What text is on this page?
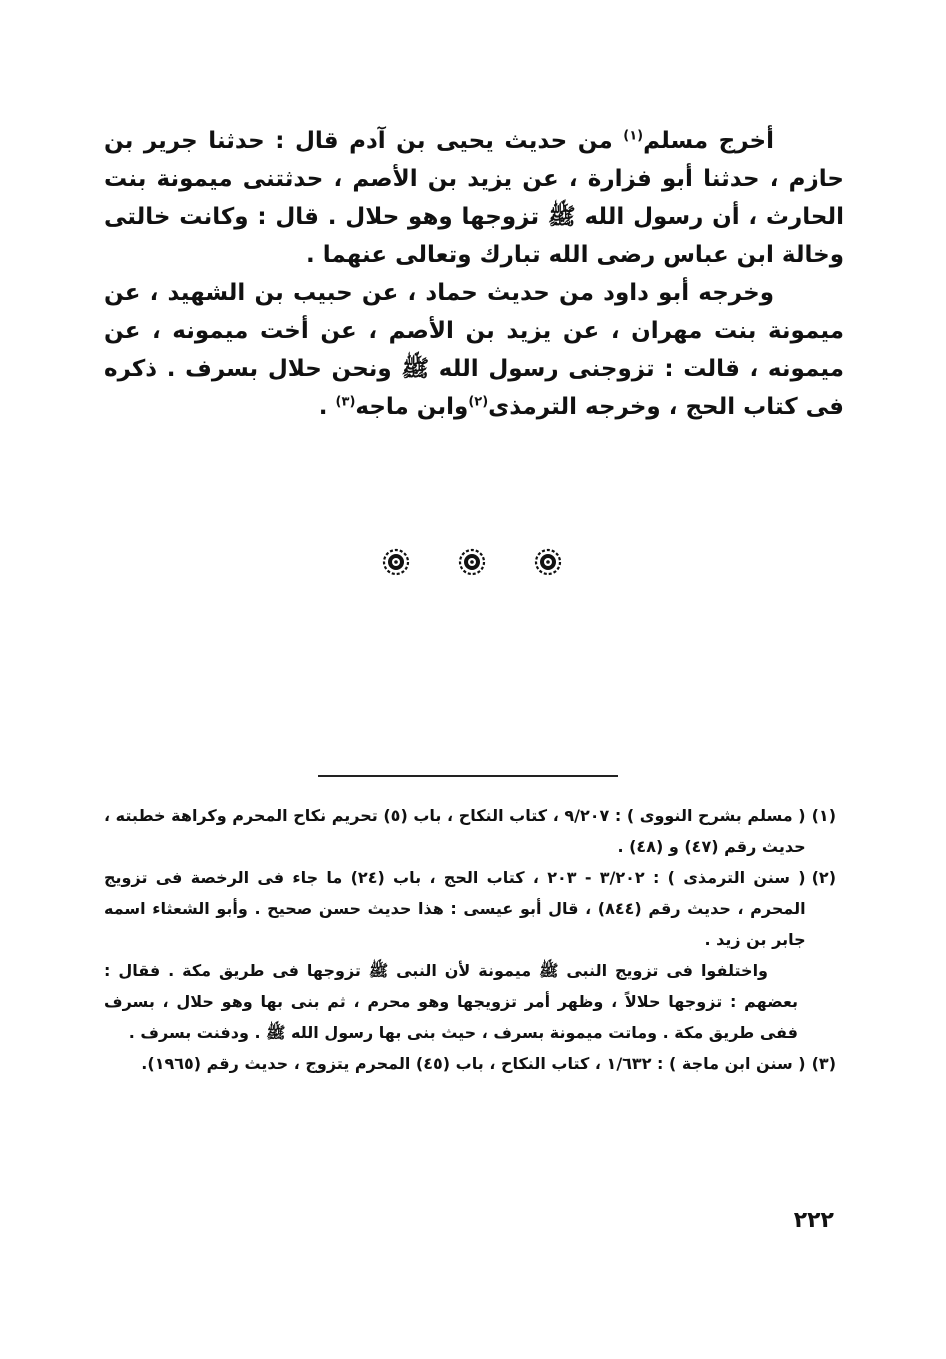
أخرج مسلم$^{(١)}$ من حديث يحيى بن آدم قال : حدثنا جرير بن حازم ، حدثنا أبو فزارة ، عن يزيد بن الأصم ، حدثتنى ميمونة بنت الحارث ، أن رسول الله ﷺ تزوجها وهو حلال . قال : وكانت خالتى وخالة ابن عباس رضى الله تبارك وتعالى عنهما .

وخرجه أبو داود من حديث حماد ، عن حبيب بن الشهيد ، عن ميمونة بنت مهران ، عن يزيد بن الأصم ، عن أخت ميمونه ، عن ميمونه ، قالت : تزوجنى رسول الله ﷺ ونحن حلال بسرف . ذكره فى كتاب الحج ، وخرجه الترمذى$^{(٢)}$وابن ماجه$^{(٣)}$ .

(١)
( مسلم بشرح النووى ) : ٩/٢٠٧ ، كتاب النكاح ، باب (٥) تحريم نكاح المحرم وكراهة خطبته ، حديث رقم (٤٧) و (٤٨) .
(٢)
( سنن الترمذى ) : ٣/٢٠٢ - ٢٠٣ ، كتاب الحج ، باب (٢٤) ما جاء فى الرخصة فى تزويج المحرم ، حديث رقم (٨٤٤) ، قال أبو عيسى : هذا حديث حسن صحيح . وأبو الشعثاء اسمه جابر بن زيد .
واختلفوا فى تزويج النبى ﷺ ميمونة لأن النبى ﷺ تزوجها فى طريق مكة . فقال : بعضهم : تزوجها حلالاً ، وظهر أمر تزويجها وهو محرم ، ثم بنى بها وهو حلال ، بسرف ففى طريق مكة . وماتت ميمونة بسرف ، حيث بنى بها رسول الله ﷺ . ودفنت بسرف .
(٣)
( سنن ابن ماجة ) : ١/٦٣٢ ، كتاب النكاح ، باب (٤٥) المحرم يتزوج ، حديث رقم (١٩٦٥).
٢٢٢
